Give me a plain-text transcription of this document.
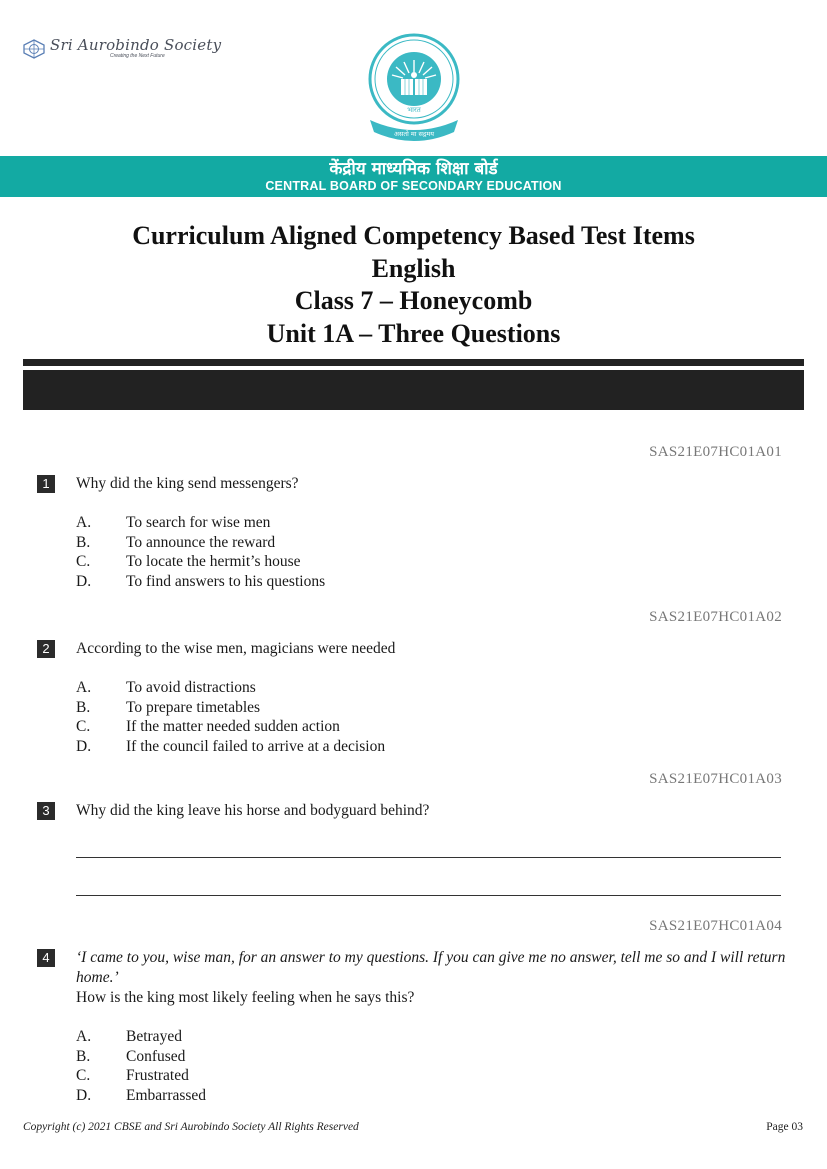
Sri Aurobindo Society
Creating the Next Future
भारत
असतो मा सद्गमय
केंद्रीय माध्यमिक शिक्षा बोर्ड
CENTRAL BOARD OF SECONDARY EDUCATION
Curriculum Aligned Competency Based Test Items
English
Class 7 – Honeycomb
Unit 1A – Three Questions
SAS21E07HC01A01
1	Why did the king send messengers?
A.	To search for wise men
B.	To announce the reward
C.	To locate the hermit’s house
D.	To find answers to his questions
SAS21E07HC01A02
2	According to the wise men, magicians were needed
A.	To avoid distractions
B.	To prepare timetables
C.	If the matter needed sudden action
D.	If the council failed to arrive at a decision
SAS21E07HC01A03
3	Why did the king leave his horse and bodyguard behind?
SAS21E07HC01A04
4	‘I came to you, wise man, for an answer to my questions. If you can give me no answer, tell me so and I will return home.’
How is the king most likely feeling when he says this?
A.	Betrayed
B.	Confused
C.	Frustrated
D.	Embarrassed
Copyright (c) 2021 CBSE and Sri Aurobindo Society All Rights Reserved	Page 03
